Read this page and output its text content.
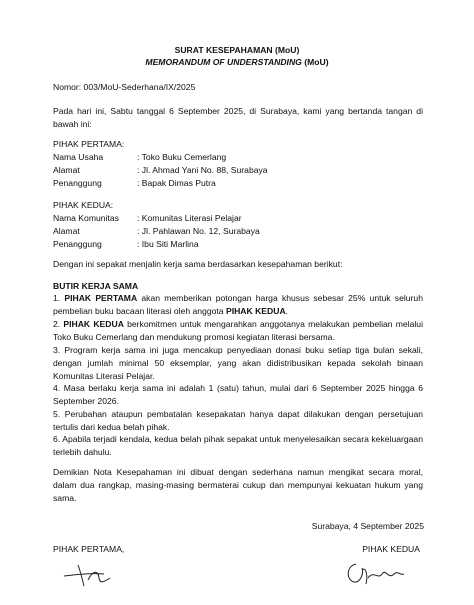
SURAT KESEPAHAMAN (MoU)
MEMORANDUM OF UNDERSTANDING (MoU)
Nomor: 003/MoU-Sederhana/IX/2025
Pada hari ini, Sabtu tanggal 6 September 2025, di Surabaya, kami yang bertanda tangan di bawah ini:
PIHAK PERTAMA:
Nama Usaha	: Toko Buku Cemerlang
Alamat	: Jl. Ahmad Yani No. 88, Surabaya
Penanggung	: Bapak Dimas Putra
PIHAK KEDUA:
Nama Komunitas : Komunitas Literasi Pelajar
Alamat	: Jl. Pahlawan No. 12, Surabaya
Penanggung	: Ibu Siti Marlina
Dengan ini sepakat menjalin kerja sama berdasarkan kesepahaman berikut:
BUTIR KERJA SAMA
1. PIHAK PERTAMA akan memberikan potongan harga khusus sebesar 25% untuk seluruh pembelian buku bacaan literasi oleh anggota PIHAK KEDUA.
2. PIHAK KEDUA berkomitmen untuk mengarahkan anggotanya melakukan pembelian melalui Toko Buku Cemerlang dan mendukung promosi kegiatan literasi bersama.
3. Program kerja sama ini juga mencakup penyediaan donasi buku setiap tiga bulan sekali, dengan jumlah minimal 50 eksemplar, yang akan didistribusikan kepada sekolah binaan Komunitas Literasi Pelajar.
4. Masa berlaku kerja sama ini adalah 1 (satu) tahun, mulai dari 6 September 2025 hingga 6 September 2026.
5. Perubahan ataupun pembatalan kesepakatan hanya dapat dilakukan dengan persetujuan tertulis dari kedua belah pihak.
6. Apabila terjadi kendala, kedua belah pihak sepakat untuk menyelesaikan secara kekeluargaan terlebih dahulu.
Demikian Nota Kesepahaman ini dibuat dengan sederhana namun mengikat secara moral, dalam dua rangkap, masing-masing bermaterai cukup dan mempunyai kekuatan hukum yang sama.
Surabaya, 4 September 2025
PIHAK PERTAMA,	PIHAK KEDUA
